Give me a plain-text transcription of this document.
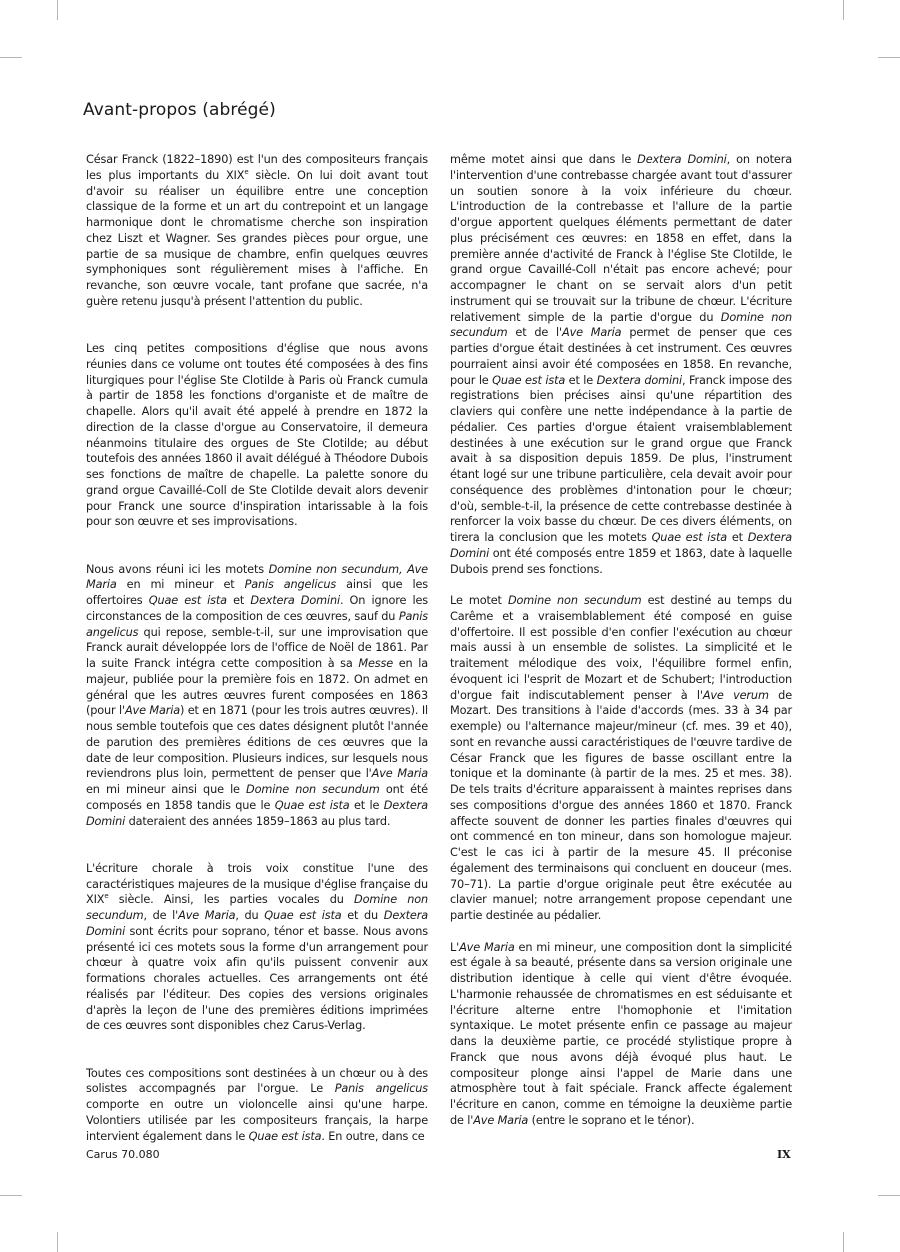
Avant-propos (abrégé)

César Franck (1822–1890) est l'un des compositeurs français les plus importants du XIXe siècle. On lui doit avant tout d'avoir su réaliser un équilibre entre une conception classique de la forme et un art du contrepoint et un langage harmonique dont le chromatisme cherche son inspiration chez Liszt et Wagner. Ses grandes pièces pour orgue, une partie de sa musique de chambre, enfin quelques œuvres symphoniques sont régulièrement mises à l'affiche. En revanche, son œuvre vocale, tant profane que sacrée, n'a guère retenu jusqu'à présent l'attention du public.

Les cinq petites compositions d'église que nous avons réunies dans ce volume ont toutes été composées à des fins liturgiques pour l'église Ste Clotilde à Paris où Franck cumula à partir de 1858 les fonctions d'organiste et de maître de chapelle. Alors qu'il avait été appelé à prendre en 1872 la direction de la classe d'orgue au Conservatoire, il demeura néanmoins titulaire des orgues de Ste Clotilde; au début toutefois des années 1860 il avait délégué à Théodore Dubois ses fonctions de maître de chapelle. La palette sonore du grand orgue Cavaillé-Coll de Ste Clotilde devait alors devenir pour Franck une source d'inspiration intarissable à la fois pour son œuvre et ses improvisations.

Nous avons réuni ici les motets Domine non secundum, Ave Maria en mi mineur et Panis angelicus ainsi que les offertoires Quae est ista et Dextera Domini. On ignore les circonstances de la composition de ces œuvres, sauf du Panis angelicus qui repose, semble-t-il, sur une improvisation que Franck aurait développée lors de l'office de Noël de 1861. Par la suite Franck intégra cette composition à sa Messe en la majeur, publiée pour la première fois en 1872. On admet en général que les autres œuvres furent composées en 1863 (pour l'Ave Maria) et en 1871 (pour les trois autres œuvres). Il nous semble toutefois que ces dates désignent plutôt l'année de parution des premières éditions de ces œuvres que la date de leur composition. Plusieurs indices, sur lesquels nous reviendrons plus loin, permettent de penser que l'Ave Maria en mi mineur ainsi que le Domine non secundum ont été composés en 1858 tandis que le Quae est ista et le Dextera Domini dateraient des années 1859–1863 au plus tard.

L'écriture chorale à trois voix constitue l'une des caractéristiques majeures de la musique d'église française du XIXe siècle. Ainsi, les parties vocales du Domine non secundum, de l'Ave Maria, du Quae est ista et du Dextera Domini sont écrits pour soprano, ténor et basse. Nous avons présenté ici ces motets sous la forme d'un arrangement pour chœur à quatre voix afin qu'ils puissent convenir aux formations chorales actuelles. Ces arrangements ont été réalisés par l'éditeur. Des copies des versions originales d'après la leçon de l'une des premières éditions imprimées de ces œuvres sont disponibles chez Carus-Verlag.

Toutes ces compositions sont destinées à un chœur ou à des solistes accompagnés par l'orgue. Le Panis angelicus comporte en outre un violoncelle ainsi qu'une harpe. Volontiers utilisée par les compositeurs français, la harpe intervient également dans le Quae est ista. En outre, dans ce

même motet ainsi que dans le Dextera Domini, on notera l'intervention d'une contrebasse chargée avant tout d'assurer un soutien sonore à la voix inférieure du chœur. L'introduction de la contrebasse et l'allure de la partie d'orgue apportent quelques éléments permettant de dater plus précisément ces œuvres: en 1858 en effet, dans la première année d'activité de Franck à l'église Ste Clotilde, le grand orgue Cavaillé-Coll n'était pas encore achevé; pour accompagner le chant on se servait alors d'un petit instrument qui se trouvait sur la tribune de chœur. L'écriture relativement simple de la partie d'orgue du Domine non secundum et de l'Ave Maria permet de penser que ces parties d'orgue était destinées à cet instrument. Ces œuvres pourraient ainsi avoir été composées en 1858. En revanche, pour le Quae est ista et le Dextera domini, Franck impose des registrations bien précises ainsi qu'une répartition des claviers qui confère une nette indépendance à la partie de pédalier. Ces parties d'orgue étaient vraisemblablement destinées à une exécution sur le grand orgue que Franck avait à sa disposition depuis 1859. De plus, l'instrument étant logé sur une tribune particulière, cela devait avoir pour conséquence des problèmes d'intonation pour le chœur; d'où, semble-t-il, la présence de cette contrebasse destinée à renforcer la voix basse du chœur. De ces divers éléments, on tirera la conclusion que les motets Quae est ista et Dextera Domini ont été composés entre 1859 et 1863, date à laquelle Dubois prend ses fonctions.

Le motet Domine non secundum est destiné au temps du Carême et a vraisemblablement été composé en guise d'offertoire. Il est possible d'en confier l'exécution au chœur mais aussi à un ensemble de solistes. La simplicité et le traitement mélodique des voix, l'équilibre formel enfin, évoquent ici l'esprit de Mozart et de Schubert; l'introduction d'orgue fait indiscutablement penser à l'Ave verum de Mozart. Des transitions à l'aide d'accords (mes. 33 à 34 par exemple) ou l'alternance majeur/mineur (cf. mes. 39 et 40), sont en revanche aussi caractéristiques de l'œuvre tardive de César Franck que les figures de basse oscillant entre la tonique et la dominante (à partir de la mes. 25 et mes. 38). De tels traits d'écriture apparaissent à maintes reprises dans ses compositions d'orgue des années 1860 et 1870. Franck affecte souvent de donner les parties finales d'œuvres qui ont commencé en ton mineur, dans son homologue majeur. C'est le cas ici à partir de la mesure 45. Il préconise également des terminaisons qui concluent en douceur (mes. 70–71). La partie d'orgue originale peut être exécutée au clavier manuel; notre arrangement propose cependant une partie destinée au pédalier.

L'Ave Maria en mi mineur, une composition dont la simplicité est égale à sa beauté, présente dans sa version originale une distribution identique à celle qui vient d'être évoquée. L'harmonie rehaussée de chromatismes en est séduisante et l'écriture alterne entre l'homophonie et l'imitation syntaxique. Le motet présente enfin ce passage au majeur dans la deuxième partie, ce procédé stylistique propre à Franck que nous avons déjà évoqué plus haut. Le compositeur plonge ainsi l'appel de Marie dans une atmosphère tout à fait spéciale. Franck affecte également l'écriture en canon, comme en témoigne la deuxième partie de l'Ave Maria (entre le soprano et le ténor).

Carus 70.080	IX
